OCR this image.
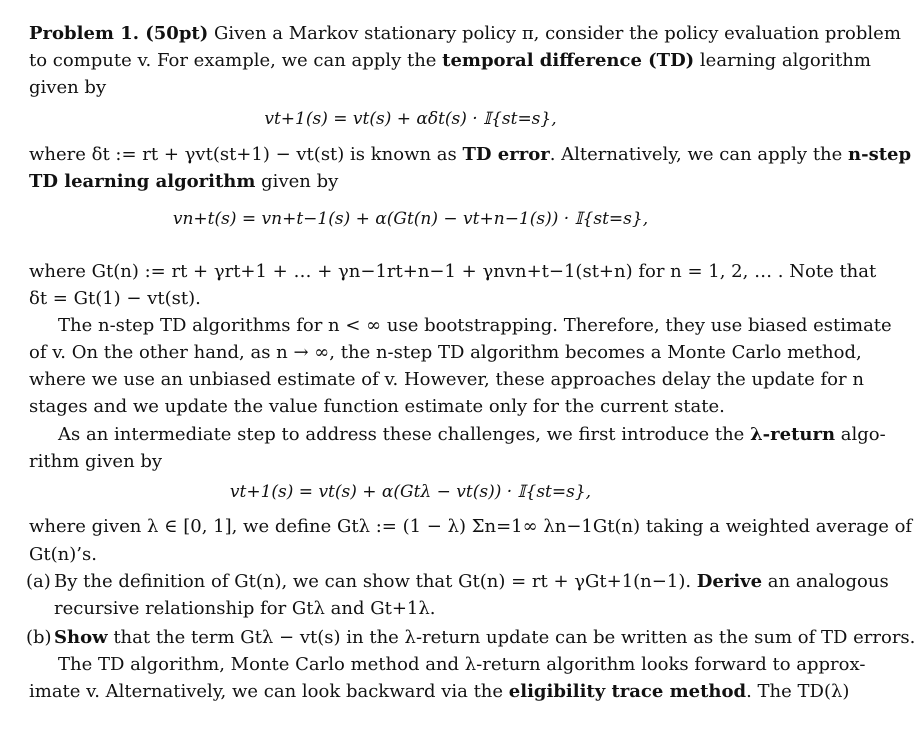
Problem 1. (50pt) Given a Markov stationary policy π, consider the policy evaluation problem
to compute v. For example, we can apply the temporal difference (TD) learning algorithm
given by
vt+1(s) = vt(s) + αδt(s) · 𝕀{st=s},
where δt := rt + γvt(st+1) − vt(st) is known as TD error. Alternatively, we can apply the n-step
TD learning algorithm given by
vn+t(s) = vn+t−1(s) + α(Gt(n) − vt+n−1(s)) · 𝕀{st=s},
where Gt(n) := rt + γrt+1 + … + γn−1rt+n−1 + γnvn+t−1(st+n) for n = 1, 2, … . Note that
δt = Gt(1) − vt(st).
The n-step TD algorithms for n < ∞ use bootstrapping. Therefore, they use biased estimate
of v. On the other hand, as n → ∞, the n-step TD algorithm becomes a Monte Carlo method,
where we use an unbiased estimate of v. However, these approaches delay the update for n
stages and we update the value function estimate only for the current state.
As an intermediate step to address these challenges, we first introduce the λ-return algo-
rithm given by
vt+1(s) = vt(s) + α(Gtλ − vt(s)) · 𝕀{st=s},
where given λ ∈ [0, 1], we define Gtλ := (1 − λ) Σn=1∞ λn−1Gt(n) taking a weighted average of
Gt(n)’s.
(a) By the definition of Gt(n), we can show that Gt(n) = rt + γGt+1(n−1). Derive an analogous
recursive relationship for Gtλ and Gt+1λ.
(b) Show that the term Gtλ − vt(s) in the λ-return update can be written as the sum of TD errors.
The TD algorithm, Monte Carlo method and λ-return algorithm looks forward to approx-
imate v. Alternatively, we can look backward via the eligibility trace method. The TD(λ)
